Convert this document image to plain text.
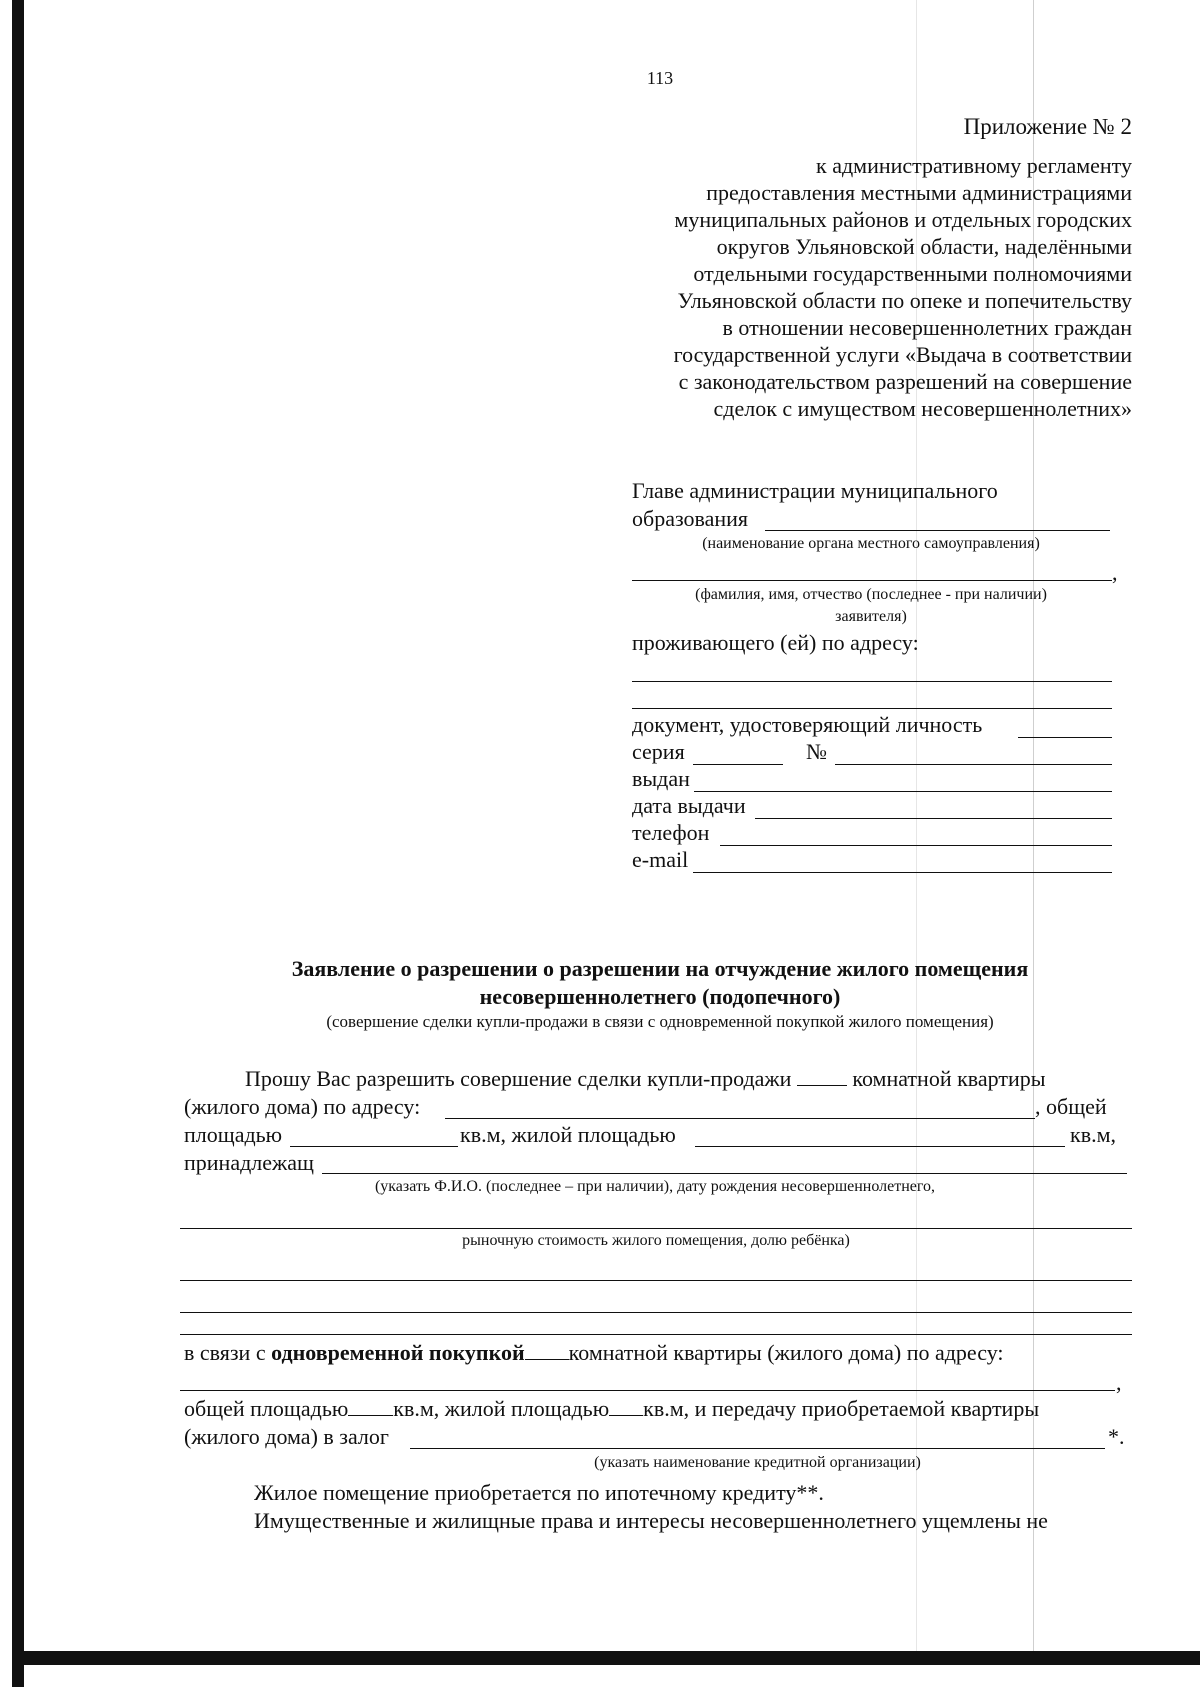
113
Приложение № 2
к административному регламенту
предоставления местными администрациями
муниципальных районов и отдельных городских
округов Ульяновской области, наделёнными
отдельными государственными полномочиями
Ульяновской области по опеке и попечительству
в отношении несовершеннолетних граждан
государственной услуги «Выдача в соответствии
с законодательством разрешений на совершение
сделок с имуществом несовершеннолетних»
Главе администрации муниципального
образования
(наименование органа местного самоуправления)
,
(фамилия, имя, отчество (последнее - при наличии)
заявителя)
проживающего (ей) по адресу:
документ, удостоверяющий личность
серия	№
выдан
дата выдачи
телефон
e-mail
Заявление о разрешении о разрешении на отчуждение жилого помещения
несовершеннолетнего (подопечного)
(совершение сделки купли-продажи в связи с одновременной покупкой жилого помещения)
Прошу Вас разрешить совершение сделки купли-продажи	комнатной квартиры
(жилого дома) по адресу:	, общей
площадью	кв.м, жилой площадью	кв.м,
принадлежащ
(указать Ф.И.О. (последнее – при наличии), дату рождения несовершеннолетнего,
рыночную стоимость жилого помещения, долю ребёнка)
в связи с одновременной покупкой комнатной квартиры (жилого дома) по адресу:
,
общей площадью кв.м, жилой площадью кв.м, и передачу приобретаемой квартиры
(жилого дома) в залог	*.
(указать наименование кредитной организации)
Жилое помещение приобретается по ипотечному кредиту**.
Имущественные и жилищные права и интересы несовершеннолетнего ущемлены не
